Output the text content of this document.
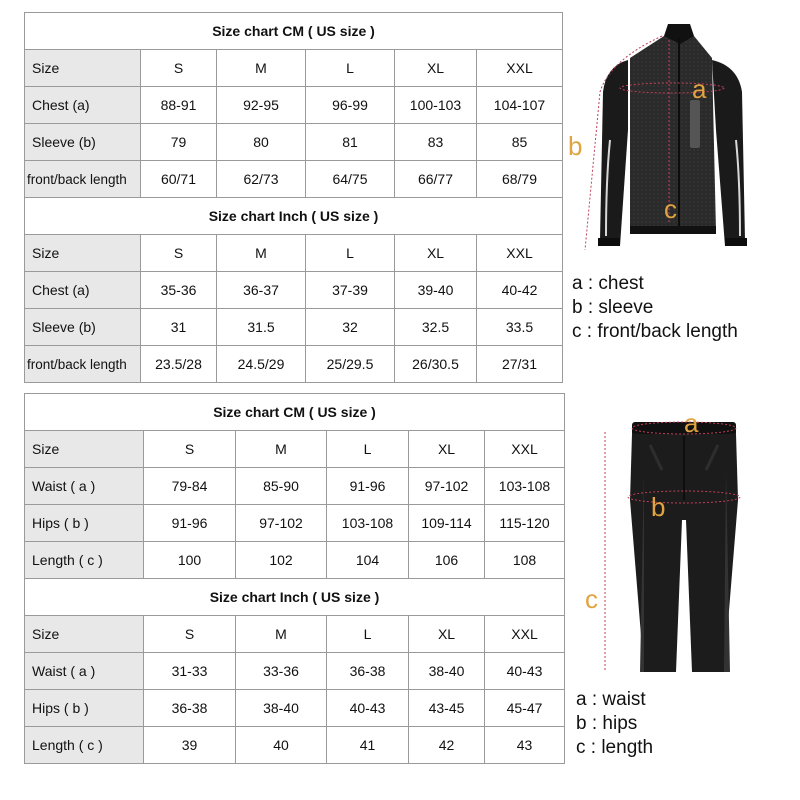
Size chart CM ( US size )					
Size	S	M	L	XL	XXL
Chest (a)	88-91	92-95	96-99	100-103	104-107
Sleeve (b)	79	80	81	83	85
front/back length	60/71	62/73	64/75	66/77	68/79
Size chart Inch ( US size )					
Size	S	M	L	XL	XXL
Chest (a)	35-36	36-37	37-39	39-40	40-42
Sleeve (b)	31	31.5	32	32.5	33.5
front/back length	23.5/28	24.5/29	25/29.5	26/30.5	27/31
Size chart CM ( US size )					
Size	S	M	L	XL	XXL
Waist ( a )	79-84	85-90	91-96	97-102	103-108
Hips ( b )	91-96	97-102	103-108	109-114	115-120
Length ( c )	100	102	104	106	108
Size chart Inch ( US size )					
Size	S	M	L	XL	XXL
Waist ( a )	31-33	33-36	36-38	38-40	40-43
Hips ( b )	36-38	38-40	40-43	43-45	45-47
Length ( c )	39	40	41	42	43
a
b
c
a : chest
b : sleeve
c : front/back length
a
b
c
a : waist
b : hips
c : length
